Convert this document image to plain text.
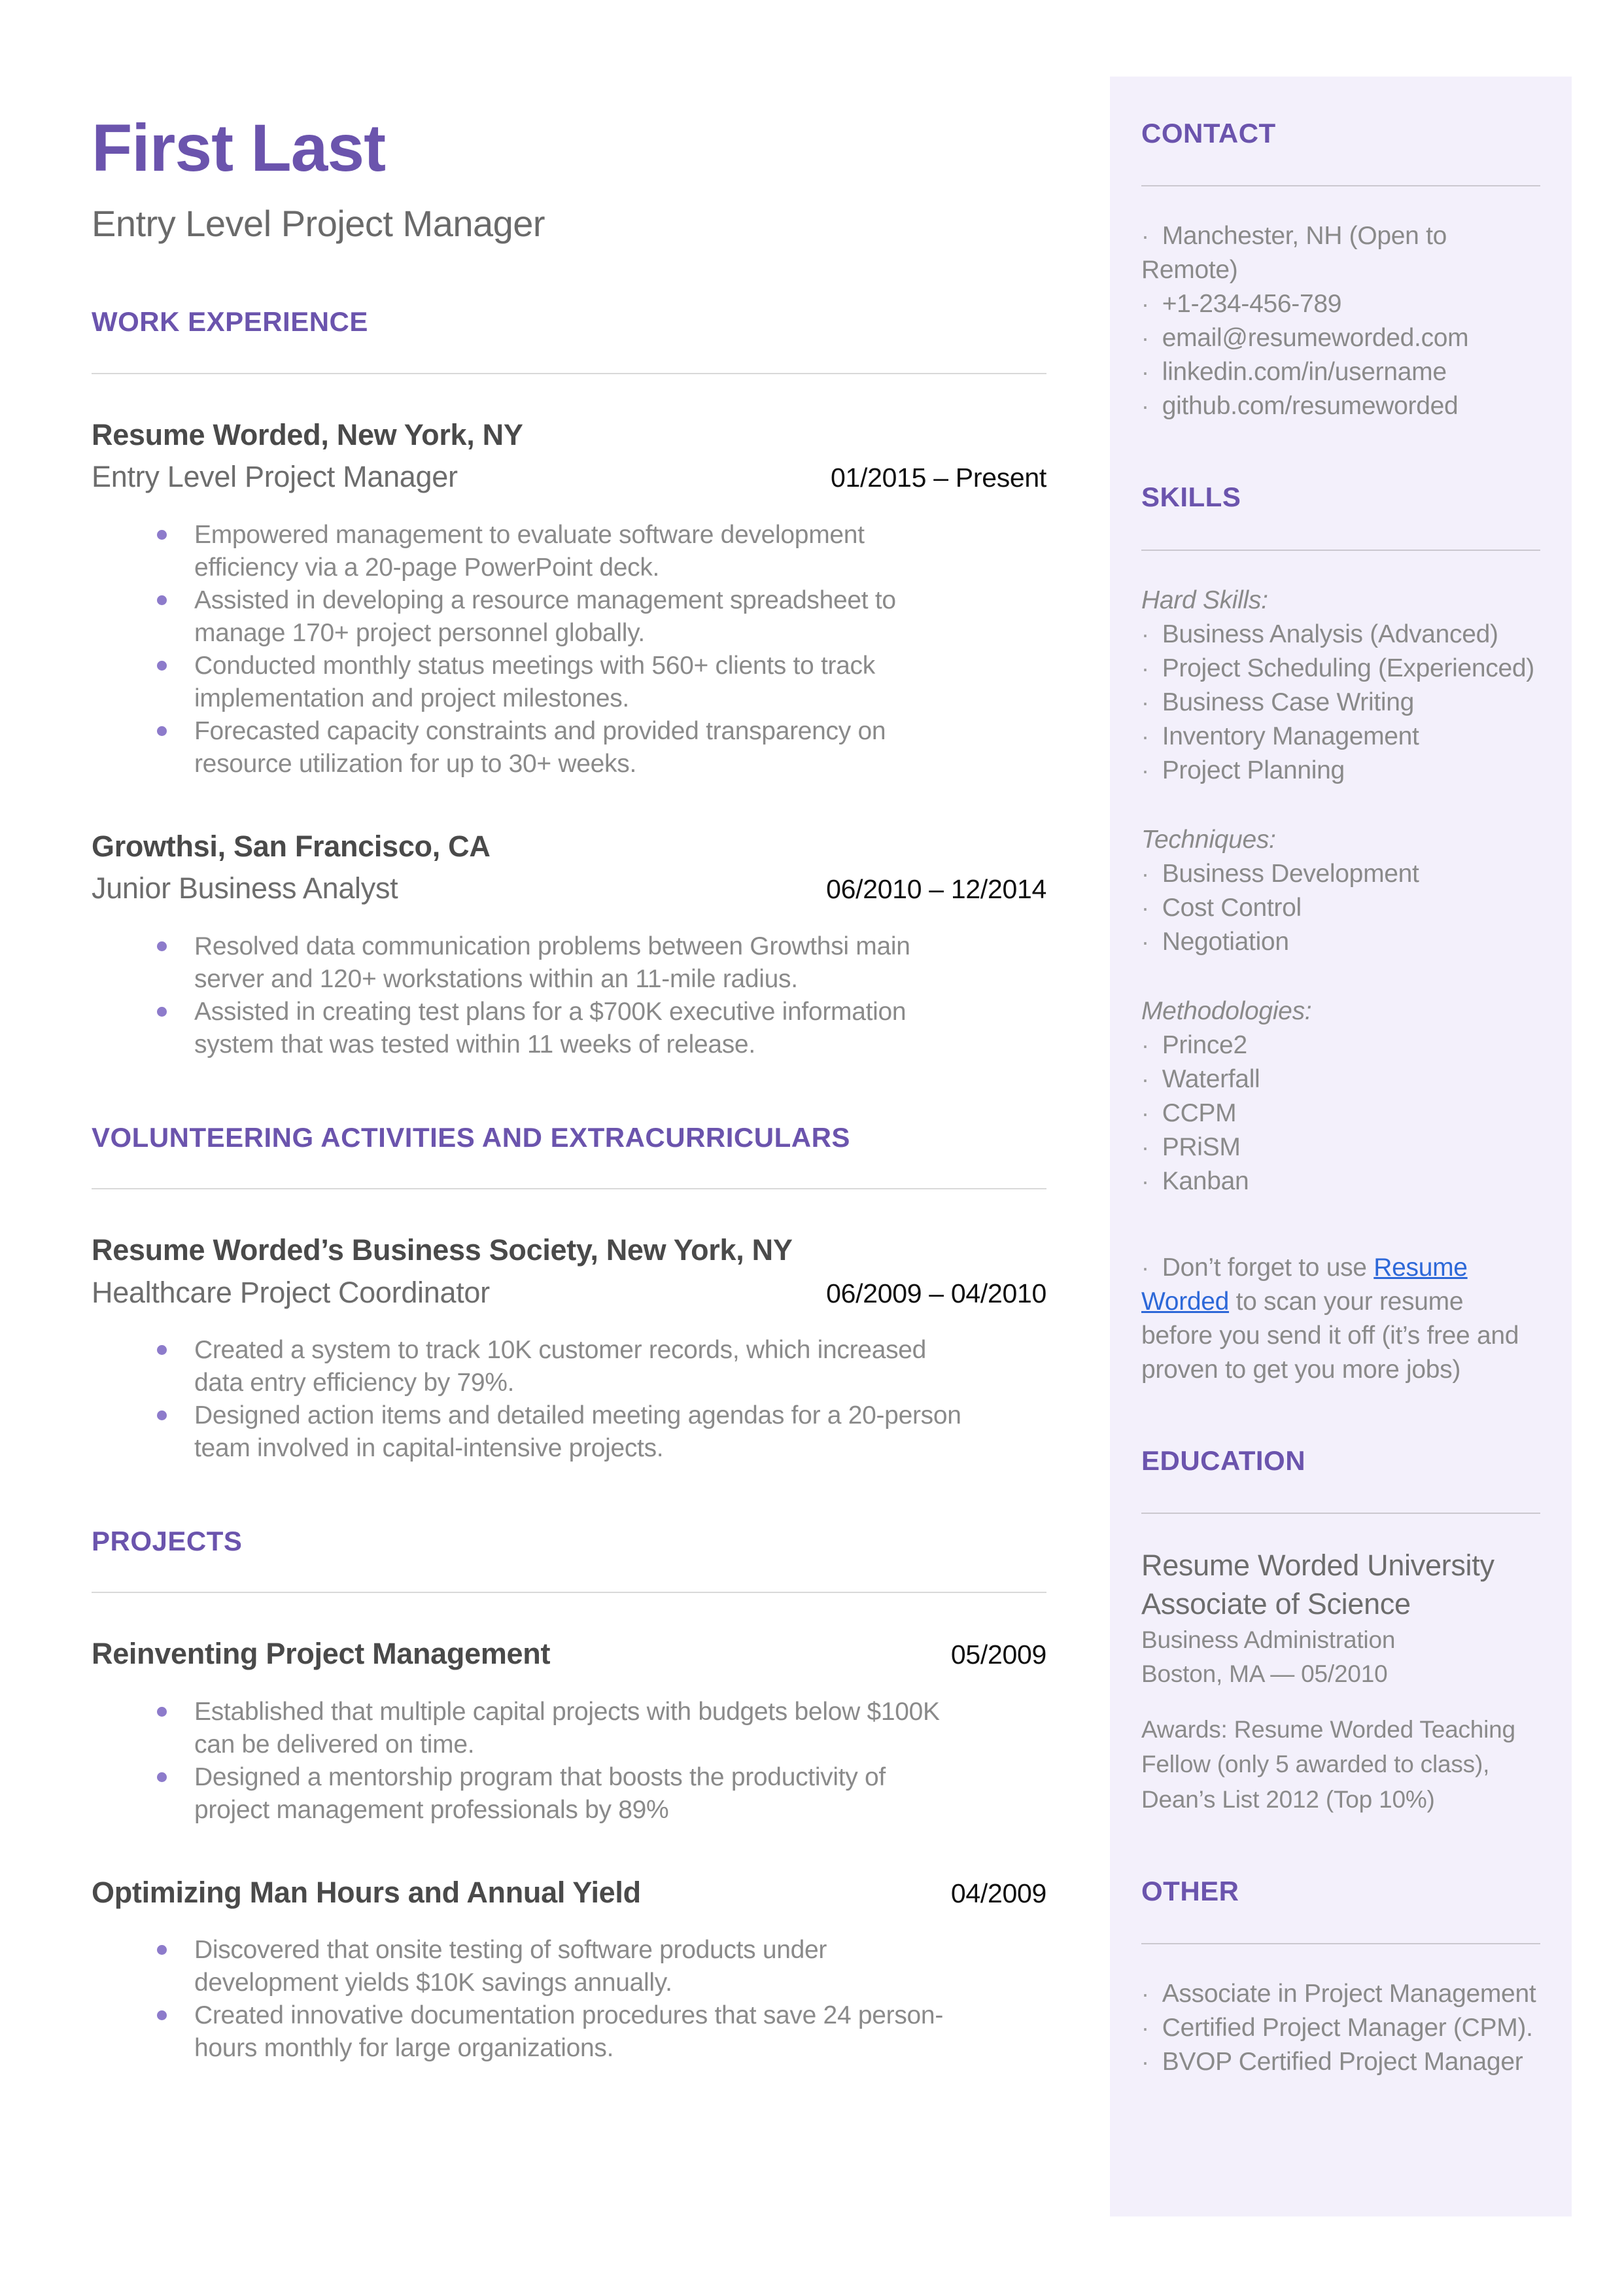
First Last
Entry Level Project Manager
WORK EXPERIENCE
Resume Worded, New York, NY
Entry Level Project Manager	01/2015 – Present
Empowered management to evaluate software development efficiency via a 20-page PowerPoint deck.
Assisted in developing a resource management spreadsheet to manage 170+ project personnel globally.
Conducted monthly status meetings with 560+ clients to track implementation and project milestones.
Forecasted capacity constraints and provided transparency on resource utilization for up to 30+ weeks.
Growthsi, San Francisco, CA
Junior Business Analyst	06/2010 – 12/2014
Resolved data communication problems between Growthsi main server and 120+ workstations within an 11-mile radius.
Assisted in creating test plans for a $700K executive information system that was tested within 11 weeks of release.
VOLUNTEERING ACTIVITIES AND EXTRACURRICULARS
Resume Worded’s Business Society, New York, NY
Healthcare Project Coordinator	06/2009 – 04/2010
Created a system to track 10K customer records, which increased data entry efficiency by 79%.
Designed action items and detailed meeting agendas for a 20-person team involved in capital-intensive projects.
PROJECTS
Reinventing Project Management	05/2009
Established that multiple capital projects with budgets below $100K can be delivered on time.
Designed a mentorship program that boosts the productivity of project management professionals by 89%
Optimizing Man Hours and Annual Yield	04/2009
Discovered that onsite testing of software products under development yields $10K savings annually.
Created innovative documentation procedures that save 24 person-hours monthly for large organizations.
CONTACT

· Manchester, NH (Open to Remote)

· +1-234-456-789

· email@resumeworded.com

· linkedin.com/in/username

· github.com/resumeworded

SKILLS

Hard Skills:

· Business Analysis (Advanced)

· Project Scheduling (Experienced)

· Business Case Writing

· Inventory Management

· Project Planning

Techniques:

· Business Development

· Cost Control

· Negotiation

Methodologies:

· Prince2

· Waterfall

· CCPM

· PRiSM

· Kanban

· Don’t forget to use Resume Worded to scan your resume before you send it off (it’s free and proven to get you more jobs)

EDUCATION

Resume Worded University

Associate of Science

Business Administration

Boston, MA — 05/2010

Awards: Resume Worded Teaching Fellow (only 5 awarded to class), Dean’s List 2012 (Top 10%)

OTHER

· Associate in Project Management

· Certified Project Manager (CPM).

· BVOP Certified Project Manager
